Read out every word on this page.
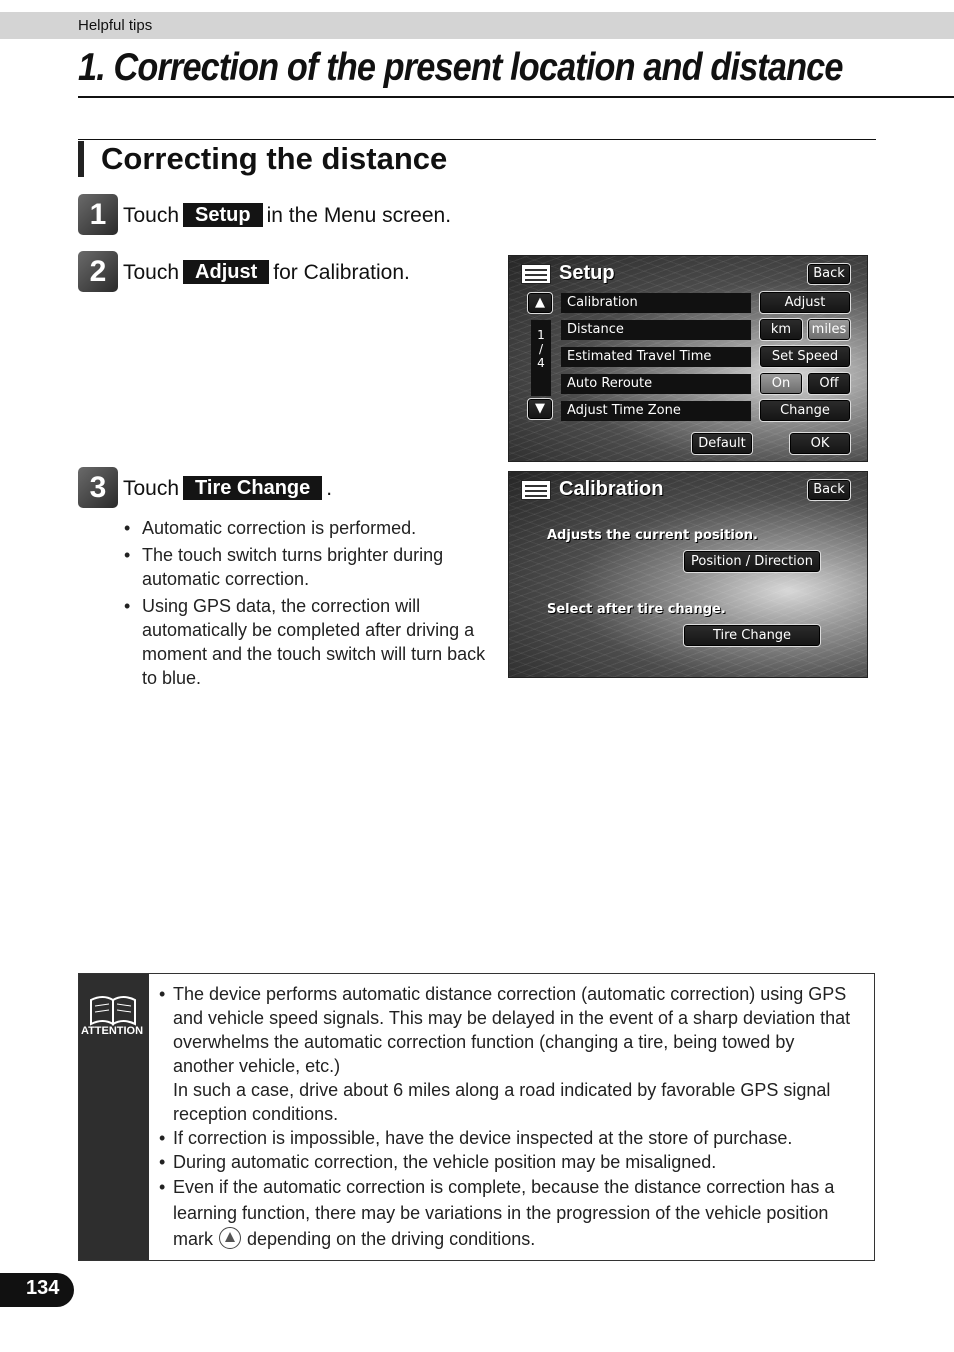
Helpful tips
1. Correction of the present location and distance
Correcting the distance
1 Touch Setup in the Menu screen.
2 Touch Adjust for Calibration.
3 Touch Tire Change .
• Automatic correction is performed.
• The touch switch turns brighter during automatic correction.
• Using GPS data, the correction will automatically be completed after driving a moment and the touch switch will turn back to blue.
Setup	Back
▲
1
/
4
▼
Calibration	Adjust
Distance	km	miles
Estimated Travel Time	Set Speed
Auto Reroute	On	Off
Adjust Time Zone	Change
Default	OK
Calibration	Back
Adjusts the current position.
Position / Direction
Select after tire change.
Tire Change
ATTENTION
• The device performs automatic distance correction (automatic correction) using GPS and vehicle speed signals. This may be delayed in the event of a sharp deviation that overwhelms the automatic correction function (changing a tire, being towed by another vehicle, etc.)
In such a case, drive about 6 miles along a road indicated by favorable GPS signal reception conditions.
• If correction is impossible, have the device inspected at the store of purchase.
• During automatic correction, the vehicle position may be misaligned.
• Even if the automatic correction is complete, because the distance correction has a learning function, there may be variations in the progression of the vehicle position mark depending on the driving conditions.
134
